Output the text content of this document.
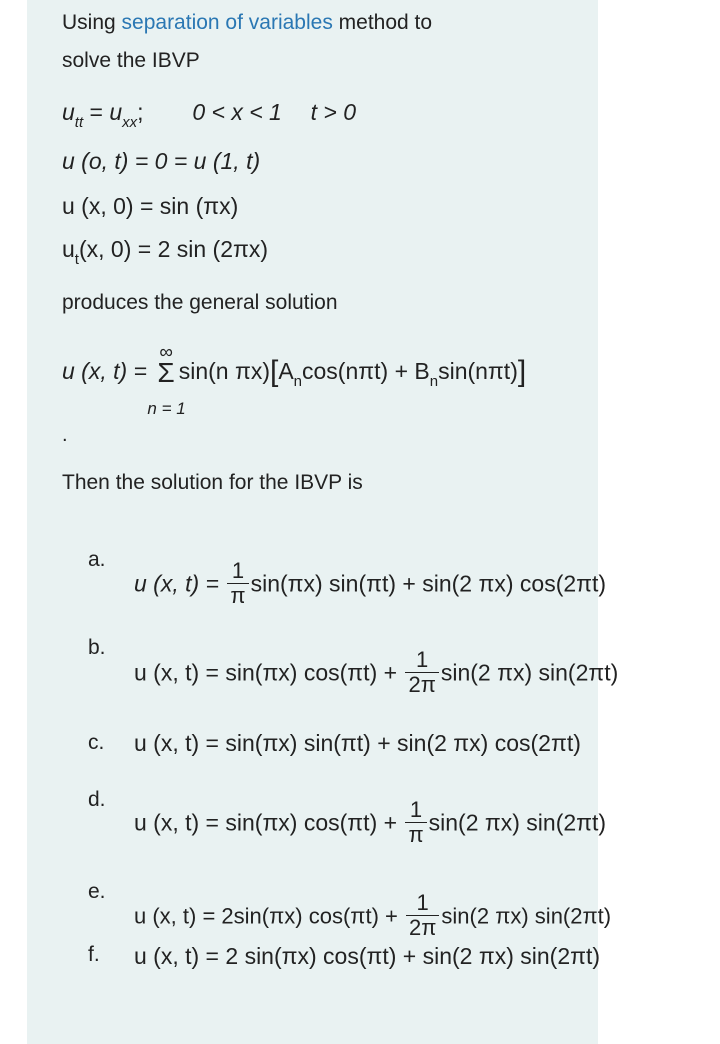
Using separation of variables method to
solve the IBVP
$u_{tt} = u_{xx}$; 0 < x < 1 t > 0
u (o, t) = 0 = u (1, t)
u (x, 0) = sin (πx)
$u_t(x$, 0) = 2 sin (2πx)
produces the general solution
u (x, t) =
∞
Σ
n = 1
sin(n $\pi x)[A_n\cos(n\pi t) + B_n\sin(n\pi t)]$
.
Then the solution for the IBVP is
a.
u (x, $t) = \frac{1}{\pi} \sin(\pi x) \sin(\pi t) + \sin(2$ πx) cos(2πt)
b.
u (x, t) = sin(πx) $\cos(\pi t) + \frac{1}{2\pi} \sin(2$ πx) sin(2πt)
c. u (x, t) = sin(πx) sin(πt) + sin(2 πx) cos(2πt)
d.
u (x, t) = sin(πx) $\cos(\pi t) + \frac{1}{\pi} \sin(2$ πx) sin(2πt)
e.
u (x, t) = 2sin(πx) $\cos(\pi t) + \frac{1}{2\pi} \sin(2$ πx) sin(2πt)
f. u (x, t) = 2 sin(πx) cos(πt) + sin(2 πx) sin(2πt)
